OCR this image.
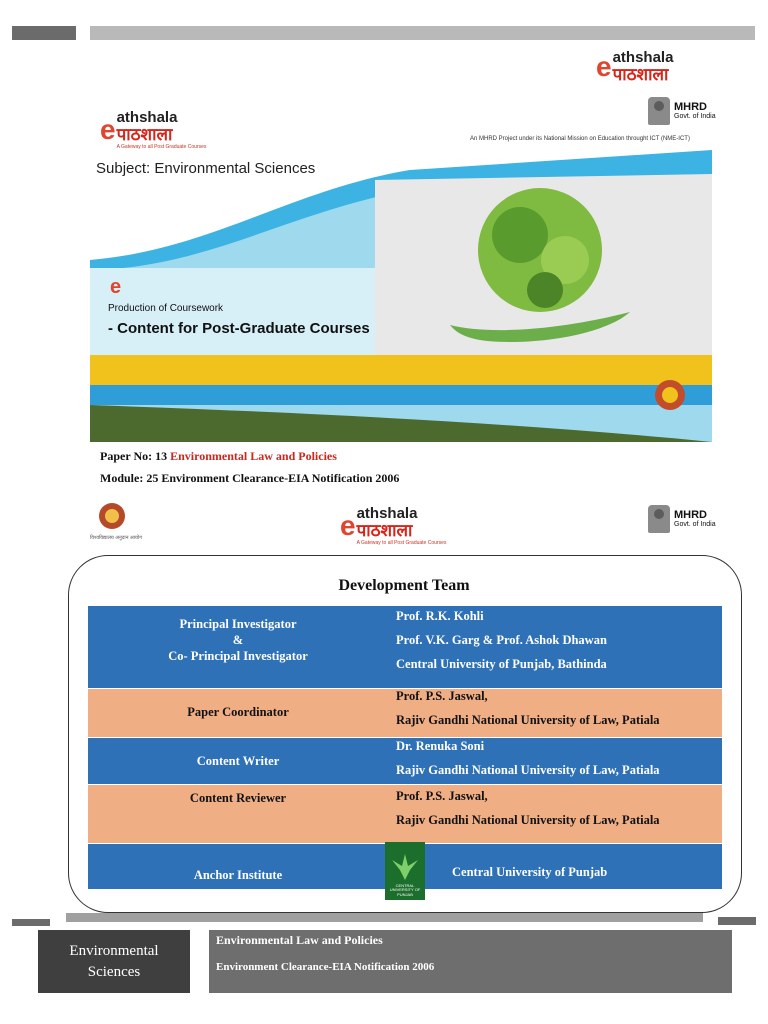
e athshala
पाठशाला
e athshala
पाठशाला
A Gateway to all Post Graduate Courses
MHRD
Govt. of India
An MHRD Project under its National Mission on Education throught ICT (NME-ICT)
Subject: Environmental Sciences
e
Production of Coursework
- Content for Post-Graduate Courses
Paper No: 13 Environmental Law and Policies
Module: 25 Environment Clearance-EIA Notification 2006
विश्वविद्यालय अनुदान आयोग	e athshala
पाठशाला
A Gateway to all Post Graduate Courses
MHRD
Govt. of India
Development Team
Principal Investigator
&
Co- Principal Investigator
Prof. R.K. Kohli
Prof. V.K. Garg & Prof. Ashok Dhawan
Central University of Punjab, Bathinda
Paper Coordinator
Prof. P.S. Jaswal,
Rajiv Gandhi National University of Law, Patiala
Content Writer
Dr. Renuka Soni
Rajiv Gandhi National University of Law, Patiala
Content Reviewer	Prof. P.S. Jaswal,
Rajiv Gandhi National University of Law, Patiala
Anchor Institute
CENTRAL UNIVERSITY OF PUNJAB
Central University of Punjab
Environmental Sciences
Environmental Law and Policies
Environment Clearance-EIA Notification 2006
